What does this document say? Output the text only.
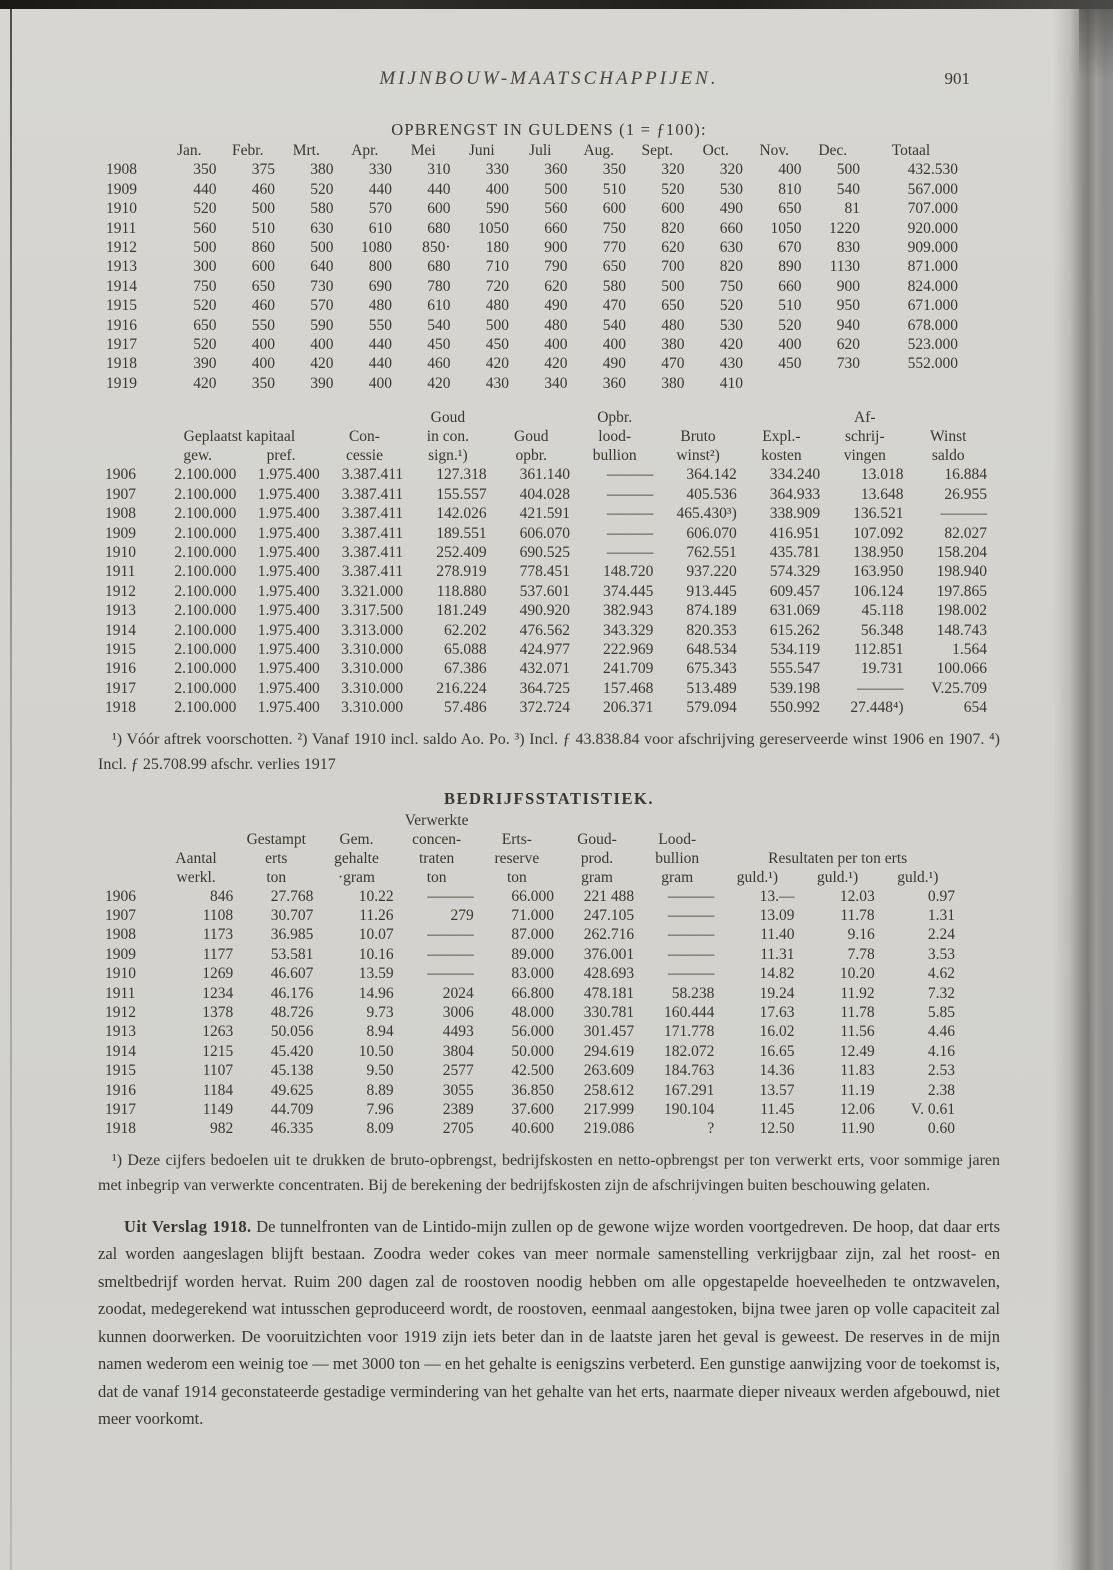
MIJNBOUW-MAATSCHAPPIJEN.	901
OPBRENGST IN GULDENS (1 = ƒ100):
	Jan.	Febr.	Mrt.	Apr.	Mei	Juni	Juli	Aug.	Sept.	Oct.	Nov.	Dec.	Totaal
1908	350	375	380	330	310	330	360	350	320	320	400	500	432.530
1909	440	460	520	440	440	400	500	510	520	530	810	540	567.000
1910	520	500	580	570	600	590	560	600	600	490	650	81	707.000
1911	560	510	630	610	680	1050	660	750	820	660	1050	1220	920.000
1912	500	860	500	1080	850·	180	900	770	620	630	670	830	909.000
1913	300	600	640	800	680	710	790	650	700	820	890	1130	871.000
1914	750	650	730	690	780	720	620	580	500	750	660	900	824.000
1915	520	460	570	480	610	480	490	470	650	520	510	950	671.000
1916	650	550	590	550	540	500	480	540	480	530	520	940	678.000
1917	520	400	400	440	450	450	400	400	380	420	400	620	523.000
1918	390	400	420	440	460	420	420	490	470	430	450	730	552.000
1919	420	350	390	400	420	430	340	360	380	410			
				Goud		Opbr.			Af-	
	Geplaatst kapitaal		Con-	in con.	Goud	lood-	Bruto	Expl.-	schrij-	Winst
	gew.	pref.	cessie	sign.¹)	opbr.	bullion	winst²)	kosten	vingen	saldo
1906	2.100.000	1.975.400	3.387.411	127.318	361.140	———	364.142	334.240	13.018	16.884
1907	2.100.000	1.975.400	3.387.411	155.557	404.028	———	405.536	364.933	13.648	26.955
1908	2.100.000	1.975.400	3.387.411	142.026	421.591	———	465.430³)	338.909	136.521	———
1909	2.100.000	1.975.400	3.387.411	189.551	606.070	———	606.070	416.951	107.092	82.027
1910	2.100.000	1.975.400	3.387.411	252.409	690.525	———	762.551	435.781	138.950	158.204
1911	2.100.000	1.975.400	3.387.411	278.919	778.451	148.720	937.220	574.329	163.950	198.940
1912	2.100.000	1.975.400	3.321.000	118.880	537.601	374.445	913.445	609.457	106.124	197.865
1913	2.100.000	1.975.400	3.317.500	181.249	490.920	382.943	874.189	631.069	45.118	198.002
1914	2.100.000	1.975.400	3.313.000	62.202	476.562	343.329	820.353	615.262	56.348	148.743
1915	2.100.000	1.975.400	3.310.000	65.088	424.977	222.969	648.534	534.119	112.851	1.564
1916	2.100.000	1.975.400	3.310.000	67.386	432.071	241.709	675.343	555.547	19.731	100.066
1917	2.100.000	1.975.400	3.310.000	216.224	364.725	157.468	513.489	539.198	———	V.25.709
1918	2.100.000	1.975.400	3.310.000	57.486	372.724	206.371	579.094	550.992	27.448⁴)	654

¹) Vóór aftrek voorschotten. ²) Vanaf 1910 incl. saldo Ao. Po. ³) Incl. ƒ 43.838.84 voor afschrijving gereserveerde winst 1906 en 1907. ⁴) Incl. ƒ 25.708.99 afschr. verlies 1917

BEDRIJFSSTATISTIEK.
				Verwerkte						
		Gestampt	Gem.	concen-	Erts-	Goud-	Lood-			
	Aantal	erts	gehalte	traten	reserve	prod.	bullion	Resultaten per ton erts		
	werkl.	ton	·gram	ton	ton	gram	gram	guld.¹)	guld.¹)	guld.¹)
1906	846	27.768	10.22	———	66.000	221 488	———	13.—	12.03	0.97
1907	1108	30.707	11.26	279	71.000	247.105	———	13.09	11.78	1.31
1908	1173	36.985	10.07	———	87.000	262.716	———	11.40	9.16	2.24
1909	1177	53.581	10.16	———	89.000	376.001	———	11.31	7.78	3.53
1910	1269	46.607	13.59	———	83.000	428.693	———	14.82	10.20	4.62
1911	1234	46.176	14.96	2024	66.800	478.181	58.238	19.24	11.92	7.32
1912	1378	48.726	9.73	3006	48.000	330.781	160.444	17.63	11.78	5.85
1913	1263	50.056	8.94	4493	56.000	301.457	171.778	16.02	11.56	4.46
1914	1215	45.420	10.50	3804	50.000	294.619	182.072	16.65	12.49	4.16
1915	1107	45.138	9.50	2577	42.500	263.609	184.763	14.36	11.83	2.53
1916	1184	49.625	8.89	3055	36.850	258.612	167.291	13.57	11.19	2.38
1917	1149	44.709	7.96	2389	37.600	217.999	190.104	11.45	12.06	V. 0.61
1918	982	46.335	8.09	2705	40.600	219.086	?	12.50	11.90	0.60

¹) Deze cijfers bedoelen uit te drukken de bruto-opbrengst, bedrijfskosten en netto-opbrengst per ton verwerkt erts, voor sommige jaren met inbegrip van verwerkte concentraten. Bij de berekening der bedrijfskosten zijn de afschrijvingen buiten beschouwing gelaten.

Uit Verslag 1918. De tunnelfronten van de Lintido-mijn zullen op de gewone wijze worden voortgedreven. De hoop, dat daar erts zal worden aangeslagen blijft bestaan. Zoodra weder cokes van meer normale samenstelling verkrijgbaar zijn, zal het roost- en smeltbedrijf worden hervat. Ruim 200 dagen zal de roostoven noodig hebben om alle opgestapelde hoeveelheden te ontzwavelen, zoodat, medegerekend wat intusschen geproduceerd wordt, de roostoven, eenmaal aangestoken, bijna twee jaren op volle capaciteit zal kunnen doorwerken. De vooruitzichten voor 1919 zijn iets beter dan in de laatste jaren het geval is geweest. De reserves in de mijn namen wederom een weinig toe — met 3000 ton — en het gehalte is eenigszins verbeterd. Een gunstige aanwijzing voor de toekomst is, dat de vanaf 1914 geconstateerde gestadige vermindering van het gehalte van het erts, naarmate dieper niveaux werden afgebouwd, niet meer voorkomt.
